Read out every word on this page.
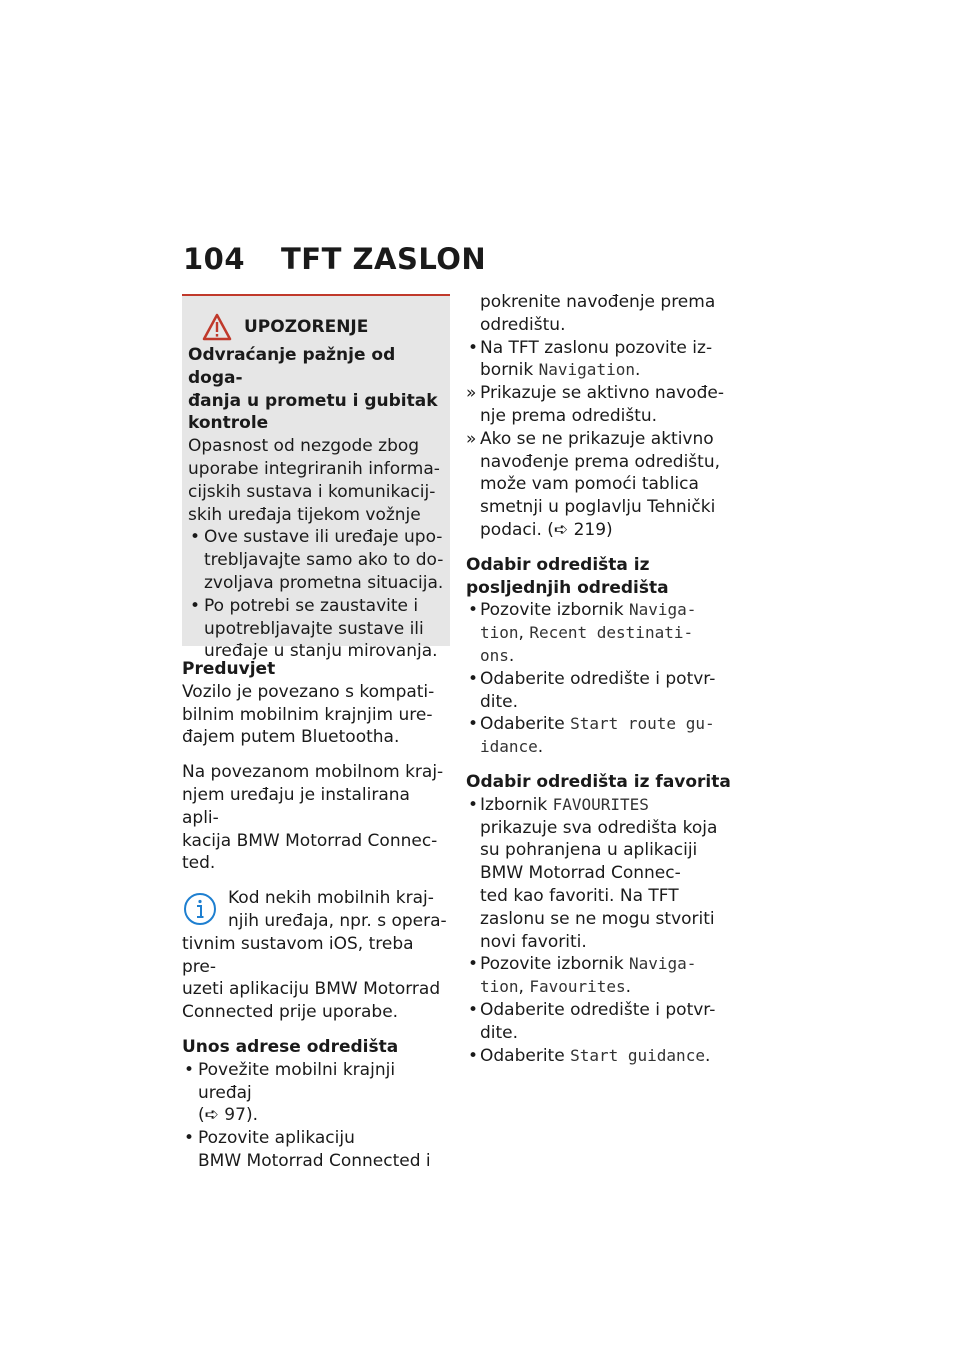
104 TFT ZASLON
UPOZORENJE
Odvraćanje pažnje od doga-
đanja u prometu i gubitak
kontrole
Opasnost od nezgode zbog
uporabe integriranih informa-
cijskih sustava i komunikacij-
skih uređaja tijekom vožnje
• Ove sustave ili uređaje upo-
trebljavajte samo ako to do-
zvoljava prometna situacija.
• Po potrebi se zaustavite i
upotrebljavajte sustave ili
uređaje u stanju mirovanja.
Preduvjet
Vozilo je povezano s kompati-
bilnim mobilnim krajnjim ure-
đajem putem Bluetootha.
Na povezanom mobilnom kraj-
njem uređaju je instalirana apli-
kacija BMW Motorrad Connec-
ted.
Kod nekih mobilnih kraj-
njih uređaja, npr. s opera-
tivnim sustavom iOS, treba pre-
uzeti aplikaciju BMW Motorrad
Connected prije uporabe.
Unos adrese odredišta
• Povežite mobilni krajnji uređaj
(➪ 97).
• Pozovite aplikaciju
BMW Motorrad Connected i
pokrenite navođenje prema
odredištu.
• Na TFT zaslonu pozovite iz-
bornik Navigation.
» Prikazuje se aktivno navođe-
nje prema odredištu.
» Ako se ne prikazuje aktivno
navođenje prema odredištu,
može vam pomoći tablica
smetnji u poglavlju Tehnički
podaci. (➪ 219)
Odabir odredišta iz
posljednjih odredišta
• Pozovite izbornik Naviga-
tion, Recent destinati-
ons.
• Odaberite odredište i potvr-
dite.
• Odaberite Start route gu-
idance.
Odabir odredišta iz favorita
• Izbornik FAVOURITES
prikazuje sva odredišta koja
su pohranjena u aplikaciji
BMW Motorrad Connec-
ted kao favoriti. Na TFT
zaslonu se ne mogu stvoriti
novi favoriti.
• Pozovite izbornik Naviga-
tion, Favourites.
• Odaberite odredište i potvr-
dite.
• Odaberite Start guidance.
